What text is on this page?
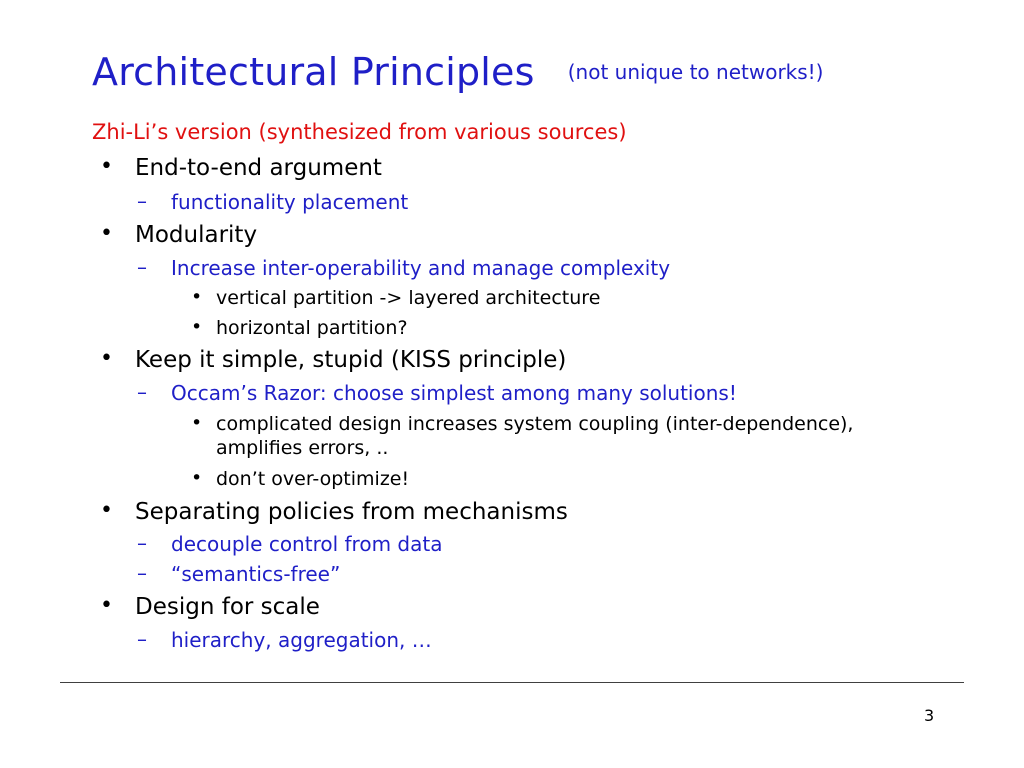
Architectural Principles (not unique to networks!)
Zhi-Li’s version (synthesized from various sources)
• End-to-end argument
– functionality placement
• Modularity
– Increase inter-operability and manage complexity
• vertical partition -> layered architecture
• horizontal partition?
• Keep it simple, stupid (KISS principle)
– Occam’s Razor: choose simplest among many solutions!
• complicated design increases system coupling (inter-dependence), amplifies errors, ..
• don’t over-optimize!
• Separating policies from mechanisms
– decouple control from data
– “semantics-free”
• Design for scale
– hierarchy, aggregation, …
3
